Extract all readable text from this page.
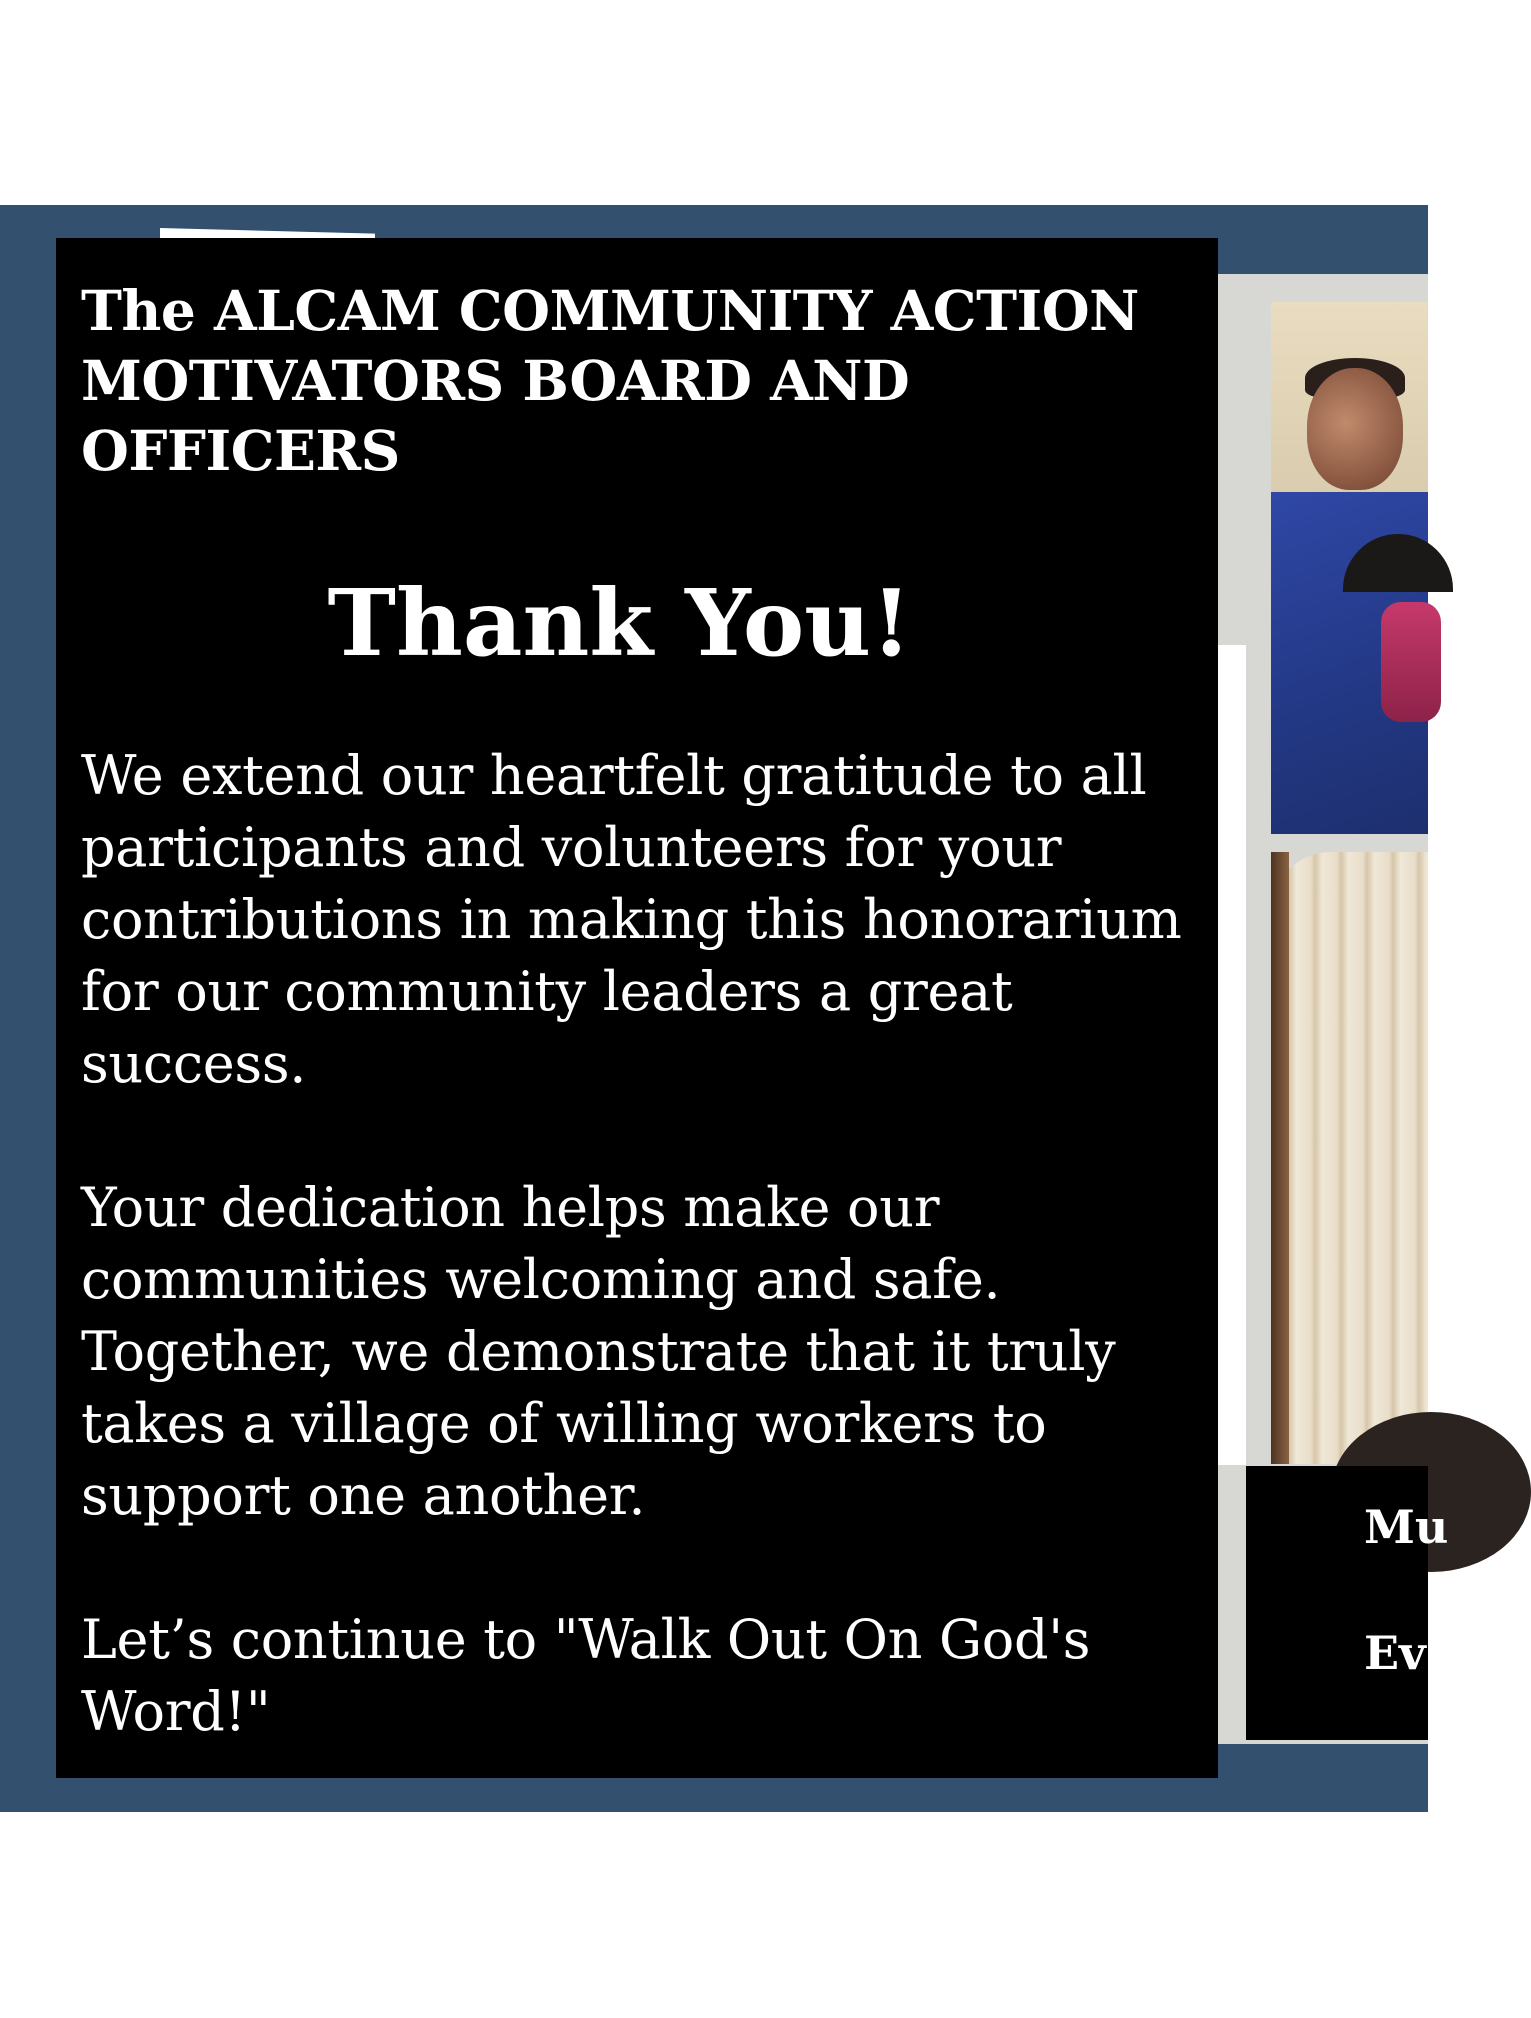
Mu
Ev
The ALCAM COMMUNITY ACTION MOTIVATORS BOARD AND OFFICERS
Thank You!

We extend our heartfelt gratitude to all participants and volunteers for your contributions in making this honorarium for our community leaders a great success.

Your dedication helps make our communities welcoming and safe. Together, we demonstrate that it truly takes a village of willing workers to support one another.

Let’s continue to "Walk Out On God's Word!"
